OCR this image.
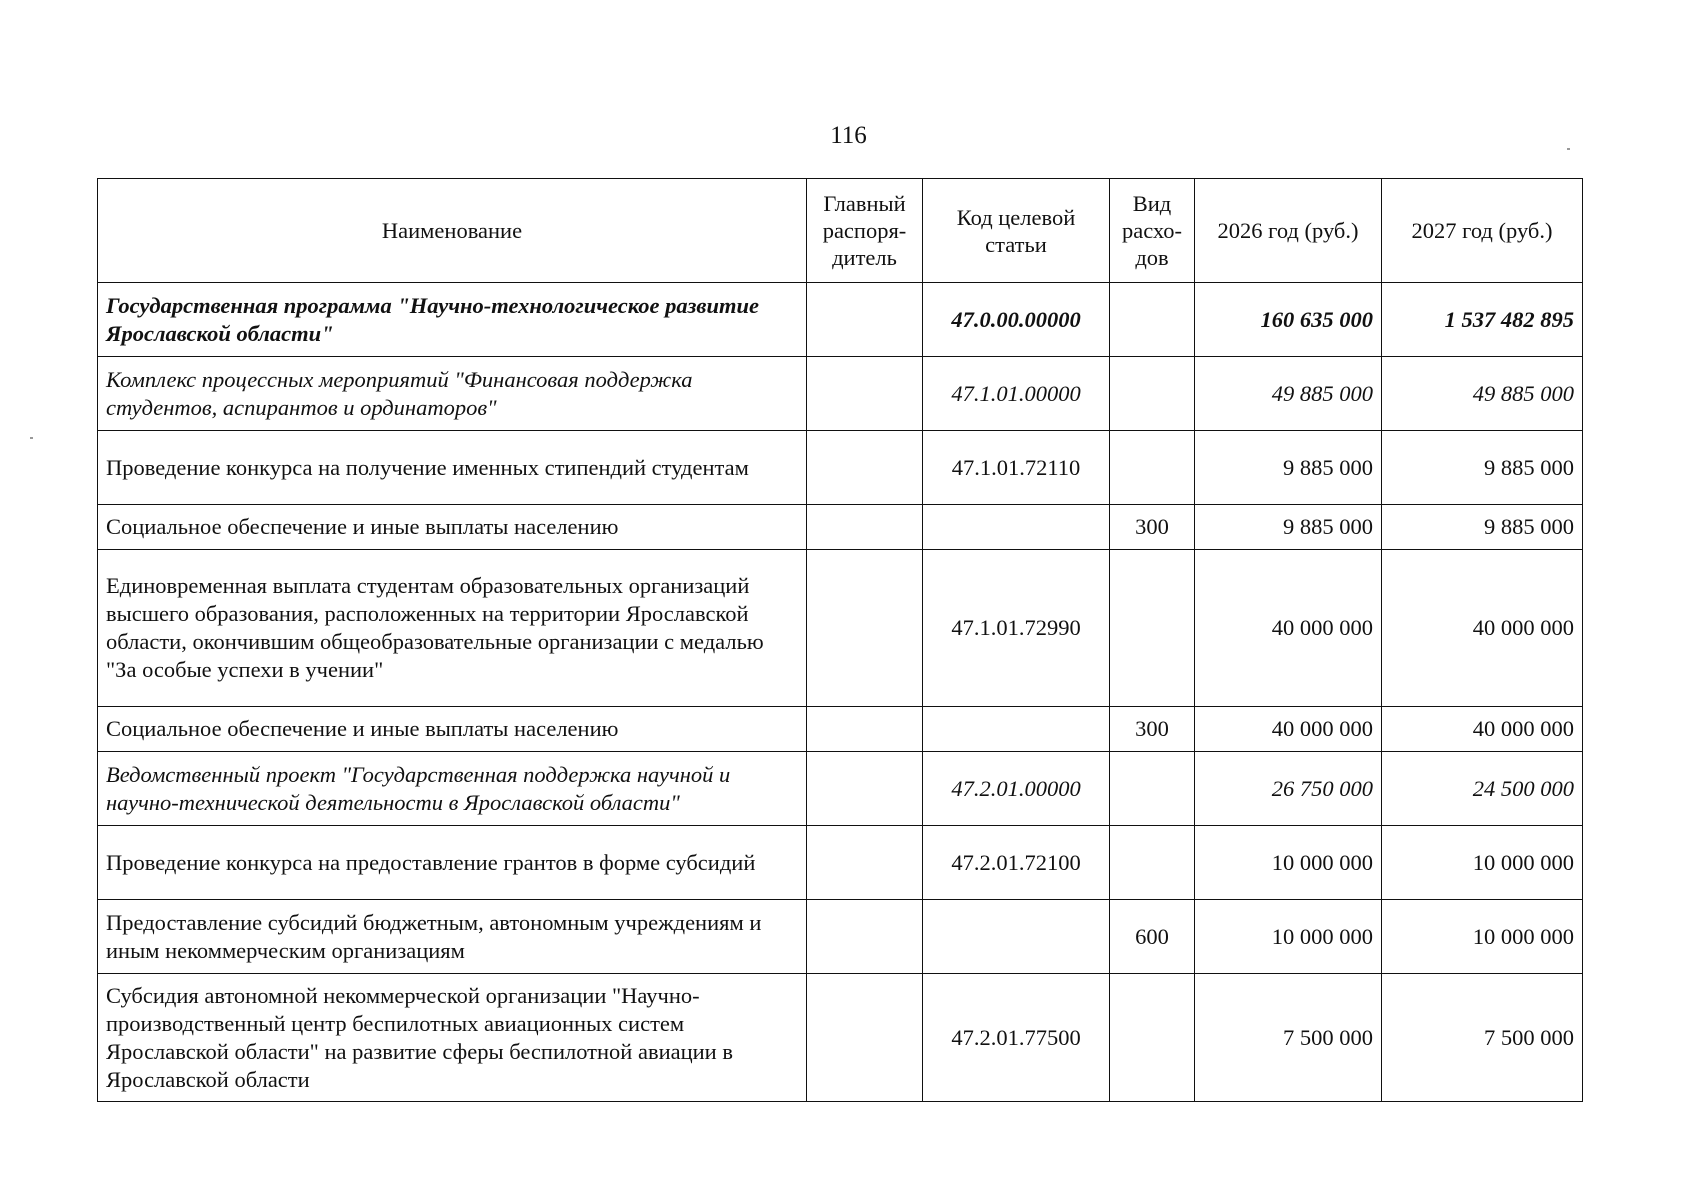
116
Наименование	Главный распоря-дитель	Код целевой статьи	Вид расхо-дов	2026 год (руб.)	2027 год (руб.)
Государственная программа "Научно-технологическое развитие Ярославской области"		47.0.00.00000		160 635 000	1 537 482 895
Комплекс процессных мероприятий "Финансовая поддержка студентов, аспирантов и ординаторов"		47.1.01.00000		49 885 000	49 885 000
Проведение конкурса на получение именных стипендий студентам		47.1.01.72110		9 885 000	9 885 000
Социальное обеспечение и иные выплаты населению			300	9 885 000	9 885 000
Единовременная выплата студентам образовательных организаций высшего образования, расположенных на территории Ярославской области, окончившим общеобразовательные организации с медалью "За особые успехи в учении"		47.1.01.72990		40 000 000	40 000 000
Социальное обеспечение и иные выплаты населению			300	40 000 000	40 000 000
Ведомственный проект "Государственная поддержка научной и научно-технической деятельности в Ярославской области"		47.2.01.00000		26 750 000	24 500 000
Проведение конкурса на предоставление грантов в форме субсидий		47.2.01.72100		10 000 000	10 000 000
Предоставление субсидий бюджетным, автономным учреждениям и иным некоммерческим организациям			600	10 000 000	10 000 000
Субсидия автономной некоммерческой организации "Научно-производственный центр беспилотных авиационных систем Ярославской области" на развитие сферы беспилотной авиации в Ярославской области		47.2.01.77500		7 500 000	7 500 000
